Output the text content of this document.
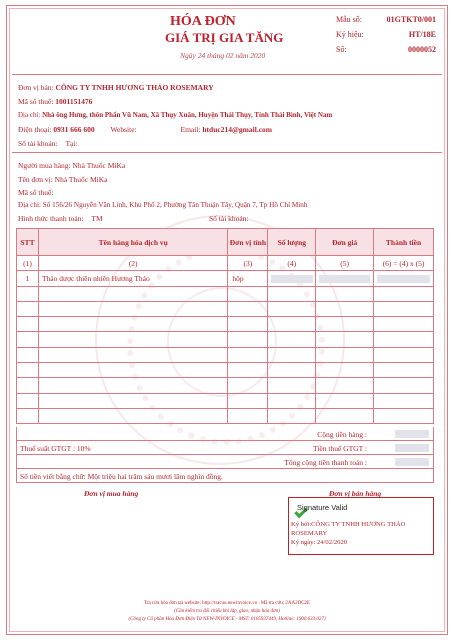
HÓA ĐƠN
GIÁ TRỊ GIA TĂNG
Ngày 24 tháng 02 năm 2020
Mẫu số:	01GTKT0/001
Ký hiệu:	HT/18E
Số:	0000052
Đơn vị bán: CÔNG TY TNHH HƯƠNG THẢO ROSEMARY
Mã số thuế: 1001151476
Địa chỉ: Nhà ông Hưng, thôn Phấn Vũ Nam, Xã Thụy Xuân, Huyện Thái Thụy, Tỉnh Thái Bình, Việt Nam
Điện thoại: 0931 666 600 Website:	Email: htduc214@gmail.com
Số tài khoản: Tại:
Người mua hàng: Nhà Thuốc MiKa
Tên đơn vị: Nhà Thuốc MiKa
Mã số thuế:
Địa chỉ: Số 156/26 Nguyễn Văn Linh, Khu Phố 2, Phường Tân Thuận Tây, Quận 7, Tp Hồ Chí Minh
Hình thức thanh toán: TM	Số tài khoản:
STT	Tên hàng hóa dịch vụ	Đơn vị tính	Số lượng	Đơn giá	Thành tiền
(1)	(2)	(3)	(4)	(5)	(6) = (4) x (5)
1	Thảo dược thiên nhiên Hương Thảo	hộp			

Cộng tiền hàng :
Thuế suất GTGT : 10%	Tiền thuế GTGT :
Tổng cộng tiền thanh toán :
Số tiền viết bằng chữ: Một triệu hai trăm sáu mươi lăm nghìn đồng.
Đơn vị mua hàng	Đơn vị bán hàng
Signature Valid
Ký bởi:CÔNG TY TNHH HƯƠNG THẢO ROSEMARY
Ký ngày: 24/02/2020
Tra cứu hóa đơn tại website: http://tracuu.newinvoice.vn . Mã tra cứu: 2AA2DC2E
(Cần kiểm tra đối chiếu khi lập, giao, nhận hóa đơn)
(Công ty Cổ phần Hóa Đơn Điện Tử NEW-INVOICE - MST: 0105937449, Hotline: 1900.633.027)
